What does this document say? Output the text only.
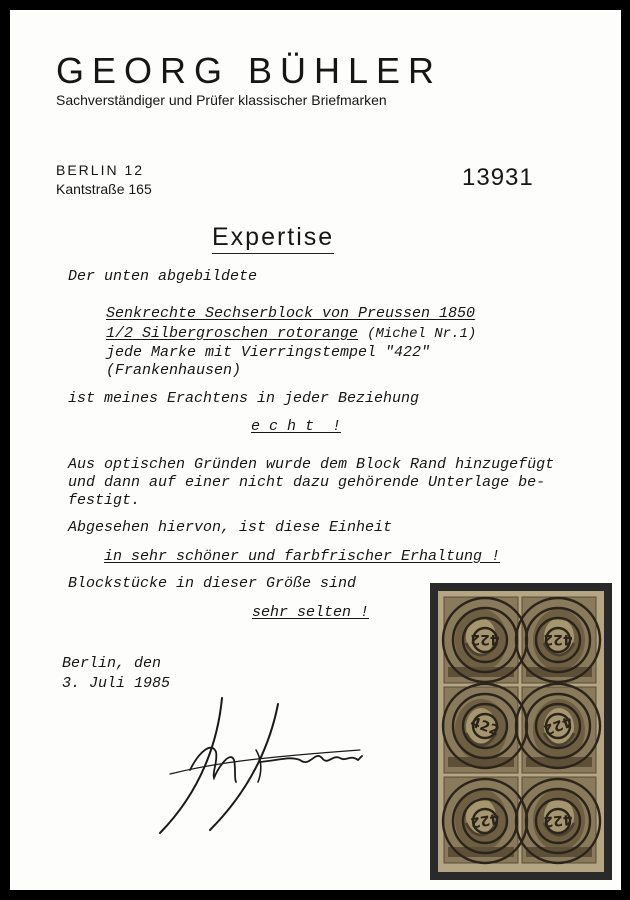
GEORG BÜHLER
Sachverständiger und Prüfer klassischer Briefmarken
BERLIN 12
Kantstraße 165	13931
Expertise
Der unten abgebildete
Senkrechte Sechserblock von Preussen 1850
1/2 Silbergroschen rotorange (Michel Nr.1)
jede Marke mit Vierringstempel "422"
(Frankenhausen)
ist meines Erachtens in jeder Beziehung
e c h t  !
Aus optischen Gründen wurde dem Block Rand hinzugefügt
und dann auf einer nicht dazu gehörende Unterlage be-
festigt.
Abgesehen hiervon, ist diese Einheit
in sehr schöner und farbfrischer Erhaltung !
Blockstücke in dieser Größe sind
sehr selten !
Berlin, den
3. Juli 1985
422	422
422	422
422	422
